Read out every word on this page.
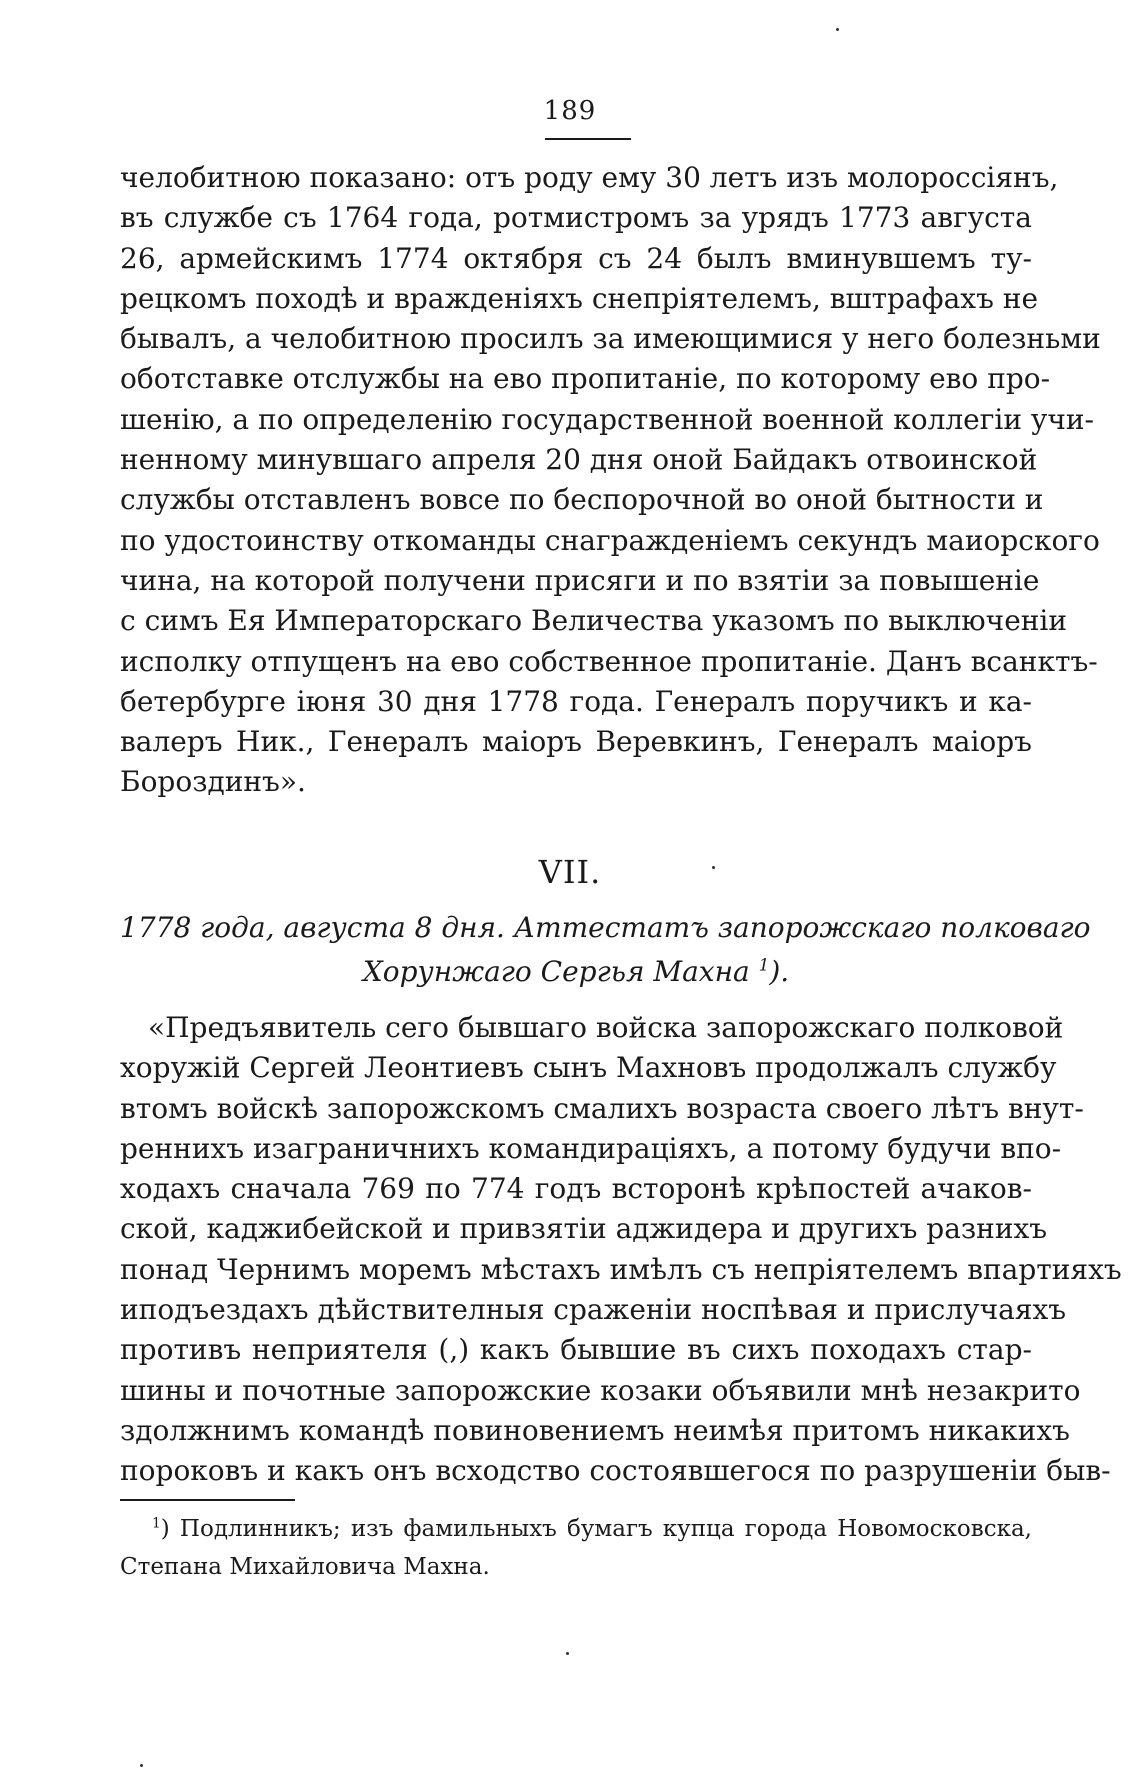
189
челобитною показано: отъ роду ему 30 летъ изъ молороссіянъ,
въ службе съ 1764 года, ротмистромъ за урядъ 1773 августа
26, армейскимъ 1774 октября съ 24 былъ вминувшемъ ту-
рецкомъ походѣ и вражденіяхъ снепріятелемъ, вштрафахъ не
бывалъ, а челобитною просилъ за имеющимися у него болезньми
оботставке отслужбы на ево пропитаніе, по которому ево про-
шенію, а по определенію государственной военной коллегіи учи-
ненному минувшаго апреля 20 дня оной Байдакъ отвоинской
службы отставленъ вовсе по беспорочной во оной бытности и
по удостоинству откоманды снагражденіемъ секундъ маиорского
чина, на которой получени присяги и по взятіи за повышеніе
с симъ Ея Императорскаго Величества указомъ по выключеніи
исполку отпущенъ на ево собственное пропитаніе. Данъ всанктъ-
бетербурге іюня 30 дня 1778 года. Генералъ поручикъ и ка-
валеръ Ник., Генералъ маіоръ Веревкинъ, Генералъ маіоръ
Бороздинъ».
VII.
1778 года, августа 8 дня. Аттестатъ запорожскаго полковаго
Хорунжаго Сергья Махна $^1$).
«Предъявитель сего бывшаго войска запорожскаго полковой
хоружій Сергей Леонтиевъ сынъ Махновъ продолжалъ службу
втомъ войскѣ запорожскомъ смалихъ возраста своего лѣтъ внут-
реннихъ изаграничнихъ командираціяхъ, а потому будучи впо-
ходахъ сначала 769 по 774 годъ всторонѣ крѣпостей ачаков-
ской, каджибейской и привзятіи аджидера и другихъ разнихъ
понад Чернимъ моремъ мѣстахъ имѣлъ съ непріятелемъ впартияхъ
иподъездахъ дѣйствителныя сраженіи носпѣвая и прислучаяхъ
противъ неприятеля (,) какъ бывшие въ сихъ походахъ стар-
шины и почотные запорожские козаки объявили мнѣ незакрито
здолжнимъ командѣ повиновениемъ неимѣя притомъ никакихъ
пороковъ и какъ онъ всходство состоявшегося по разрушеніи быв-
$^1$) Подлинникъ; изъ фамильныхъ бумагъ купца города Новомосковска,
Степана Михайловича Махна.
